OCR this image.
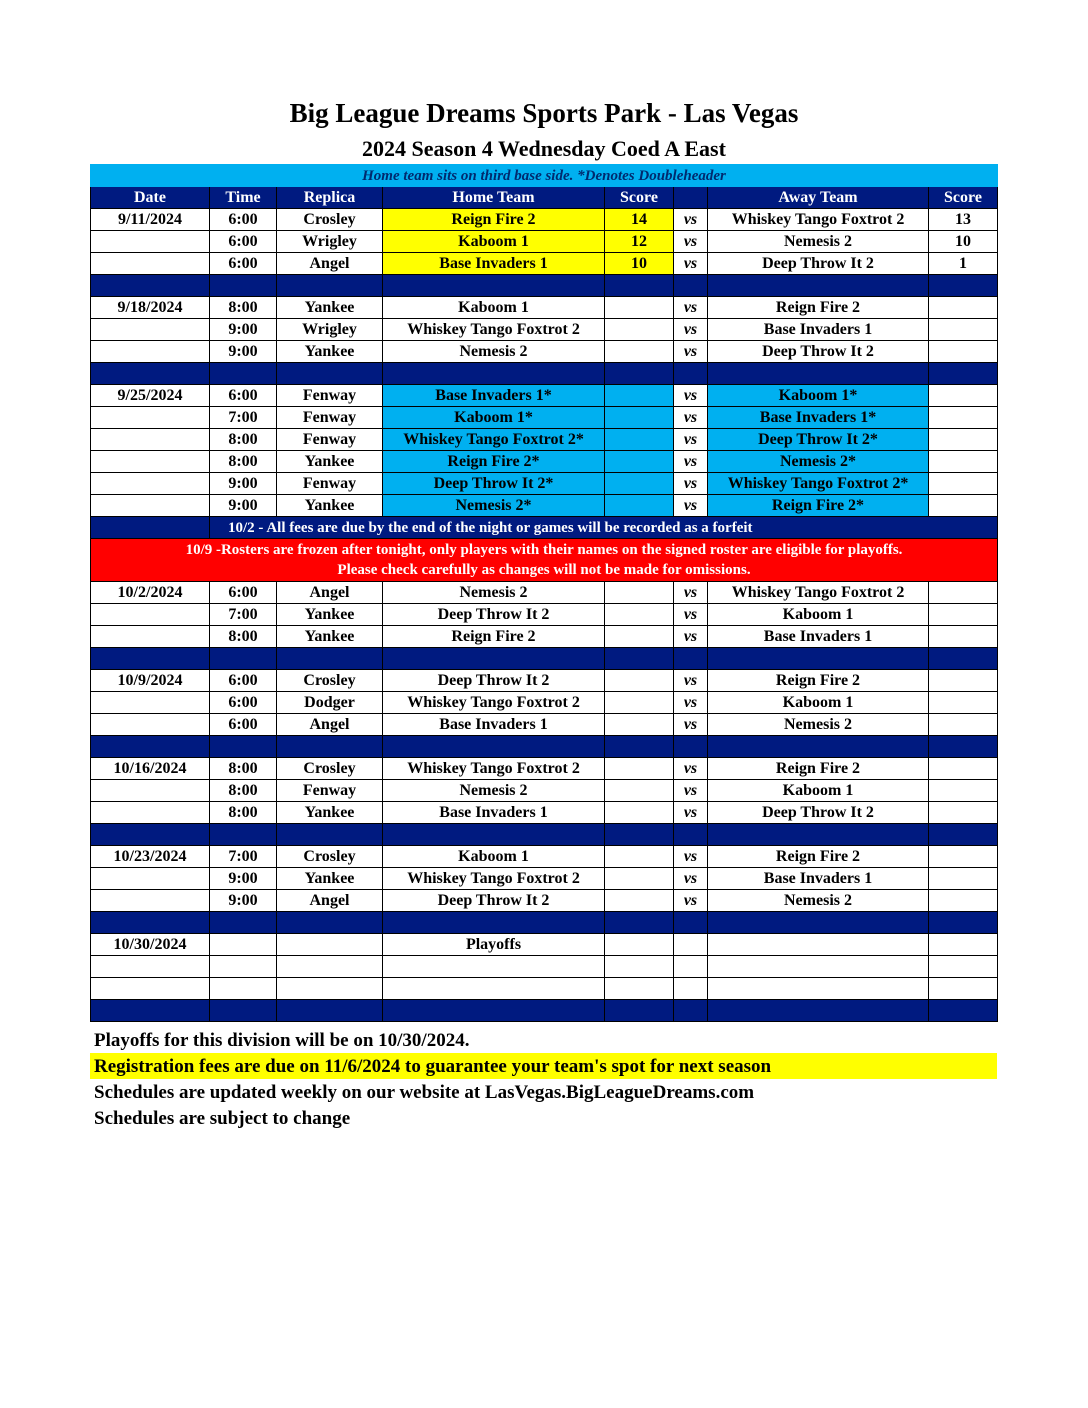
Big League Dreams Sports Park - Las Vegas
2024 Season 4 Wednesday Coed A East
Home team sits on third base side. *Denotes Doubleheader							
Date	Time	Replica	Home Team	Score		Away Team	Score
9/11/2024	6:00	Crosley	Reign Fire 2	14	vs	Whiskey Tango Foxtrot 2	13
	6:00	Wrigley	Kaboom 1	12	vs	Nemesis 2	10
	6:00	Angel	Base Invaders 1	10	vs	Deep Throw It 2	1

9/18/2024	8:00	Yankee	Kaboom 1		vs	Reign Fire 2	
	9:00	Wrigley	Whiskey Tango Foxtrot 2		vs	Base Invaders 1	
	9:00	Yankee	Nemesis 2		vs	Deep Throw It 2	

9/25/2024	6:00	Fenway	Base Invaders 1*		vs	Kaboom 1*	
	7:00	Fenway	Kaboom 1*		vs	Base Invaders 1*	
	8:00	Fenway	Whiskey Tango Foxtrot 2*		vs	Deep Throw It 2*	
	8:00	Yankee	Reign Fire 2*		vs	Nemesis 2*	
	9:00	Fenway	Deep Throw It 2*		vs	Whiskey Tango Foxtrot 2*	
	9:00	Yankee	Nemesis 2*		vs	Reign Fire 2*	
	10/2 - All fees are due by the end of the night or games will be recorded as a forfeit						

10/9 -Rosters are frozen after tonight, only players with their names on the signed roster are eligible for playoffs.
Please check carefully as changes will not be made for omissions.							

10/2/2024	6:00	Angel	Nemesis 2		vs	Whiskey Tango Foxtrot 2	
	7:00	Yankee	Deep Throw It 2		vs	Kaboom 1	
	8:00	Yankee	Reign Fire 2		vs	Base Invaders 1	

10/9/2024	6:00	Crosley	Deep Throw It 2		vs	Reign Fire 2	
	6:00	Dodger	Whiskey Tango Foxtrot 2		vs	Kaboom 1	
	6:00	Angel	Base Invaders 1		vs	Nemesis 2	

10/16/2024	8:00	Crosley	Whiskey Tango Foxtrot 2		vs	Reign Fire 2	
	8:00	Fenway	Nemesis 2		vs	Kaboom 1	
	8:00	Yankee	Base Invaders 1		vs	Deep Throw It 2	

10/23/2024	7:00	Crosley	Kaboom 1		vs	Reign Fire 2	
	9:00	Yankee	Whiskey Tango Foxtrot 2		vs	Base Invaders 1	
	9:00	Angel	Deep Throw It 2		vs	Nemesis 2	

10/30/2024			Playoffs				

Playoffs for this division will be on 10/30/2024.
Registration fees are due on 11/6/2024 to guarantee your team's spot for next season
Schedules are updated weekly on our website at LasVegas.BigLeagueDreams.com
Schedules are subject to change
